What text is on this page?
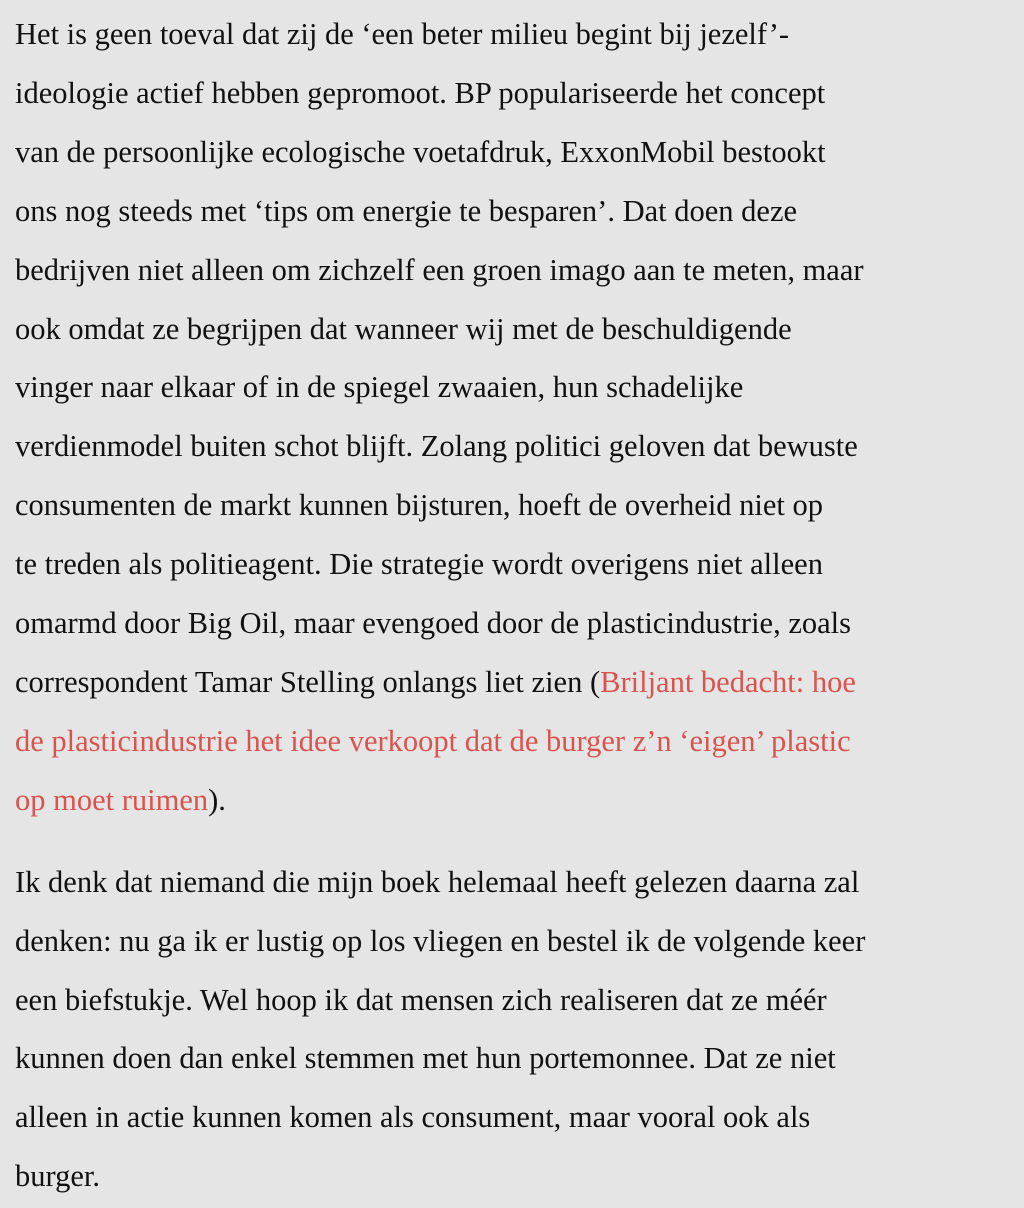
Het is geen toeval dat zij de ‘een beter milieu begint bij jezelf’-
ideologie actief hebben gepromoot. BP populariseerde het concept
van de persoonlijke ecologische voetafdruk, ExxonMobil bestookt
ons nog steeds met ‘tips om energie te besparen’. Dat doen deze
bedrijven niet alleen om zichzelf een groen imago aan te meten, maar
ook omdat ze begrijpen dat wanneer wij met de beschuldigende
vinger naar elkaar of in de spiegel zwaaien, hun schadelijke
verdienmodel buiten schot blijft. Zolang politici geloven dat bewuste
consumenten de markt kunnen bijsturen, hoeft de overheid niet op
te treden als politieagent. Die strategie wordt overigens niet alleen
omarmd door Big Oil, maar evengoed door de plasticindustrie, zoals
correspondent Tamar Stelling onlangs liet zien (Briljant bedacht: hoe
de plasticindustrie het idee verkoopt dat de burger z’n ‘eigen’ plastic
op moet ruimen).

Ik denk dat niemand die mijn boek helemaal heeft gelezen daarna zal
denken: nu ga ik er lustig op los vliegen en bestel ik de volgende keer
een biefstukje. Wel hoop ik dat mensen zich realiseren dat ze méér
kunnen doen dan enkel stemmen met hun portemonnee. Dat ze niet
alleen in actie kunnen komen als consument, maar vooral ook als
burger.
